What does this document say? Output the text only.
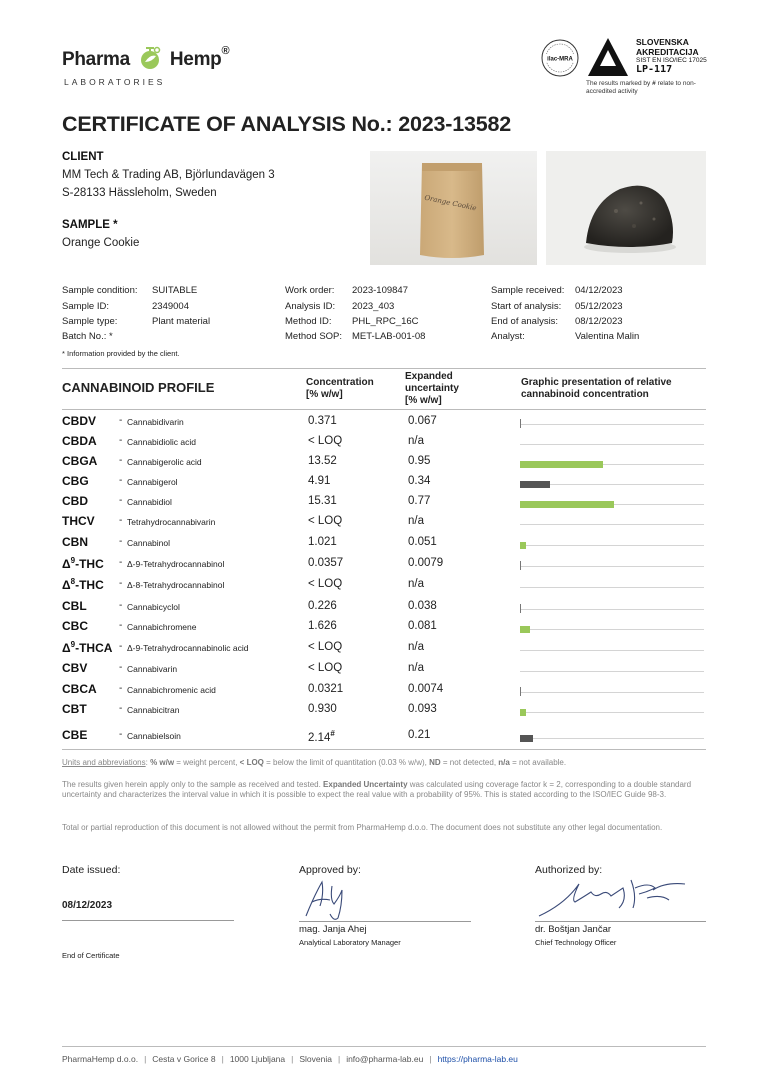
Pharma Hemp®
LABORATORIES
ilac-MRA
SLOVENSKA
AKREDITACIJA
SIST EN ISO/IEC 17025
LP-117
The results marked by # relate to non-accredited activity
CERTIFICATE OF ANALYSIS No.: 2023-13582
CLIENT
MM Tech & Trading AB, Björlundavägen 3
S-28133 Hässleholm, Sweden
SAMPLE *
Orange Cookie
Orange Cookie
Sample condition: SUITABLE
Sample ID:	2349004
Sample type:	Plant material
Batch No.: *
Work order: 2023-109847
Analysis ID: 2023_403
Method ID: PHL_RPC_16C
Method SOP: MET-LAB-001-08
Sample received: 04/12/2023
Start of analysis: 05/12/2023
End of analysis: 08/12/2023
Analyst:	Valentina Malin
* Information provided by the client.
CANNABINOID PROFILE	Concentration
[% w/w]
Expanded
uncertainty
[% w/w]
Graphic presentation of relative
cannabinoid concentration
CBDV - Cannabidivarin	0.371	0.067
CBDA - Cannabidiolic acid	< LOQ	n/a
CBGA - Cannabigerolic acid	13.52	0.95
CBG	- Cannabigerol	4.91	0.34
CBD	- Cannabidiol	15.31	0.77
THCV - Tetrahydrocannabivarin	< LOQ	n/a
CBN	- Cannabinol	1.021	0.051
$\Delta^9$-THC - Δ-9-Tetrahydrocannabinol	0.0357	0.0079
$\Delta^8$-THC - Δ-8-Tetrahydrocannabinol	< LOQ	n/a
CBL	- Cannabicyclol	0.226	0.038
CBC	- Cannabichromene	1.626	0.081
$\Delta^9$-THCA - Δ-9-Tetrahydrocannabinolic acid	< LOQ	n/a
CBV	- Cannabivarin	< LOQ	n/a
CBCA - Cannabichromenic acid	0.0321	0.0074
CBT	- Cannabicitran	0.930	0.093
CBE	- Cannabielsoin	2.14#	0.21
Units and abbreviations: % w/w = weight percent, < LOQ = below the limit of quantitation (0.03 % w/w), ND = not detected, n/a = not available.
The results given herein apply only to the sample as received and tested. Expanded Uncertainty was calculated using coverage factor k = 2, corresponding to a double standard uncertainty and characterizes the interval value in which it is possible to expect the real value with a probability of 95%. This is stated according to the ISO/IEC Guide 98-3.
Total or partial reproduction of this document is not allowed without the permit from PharmaHemp d.o.o. The document does not substitute any other legal documentation.
Date issued:
08/12/2023
Approved by:
mag. Janja Ahej
Analytical Laboratory Manager
Authorized by:
dr. Boštjan Jančar
Chief Technology Officer
End of Certificate
PharmaHemp d.o.o. | Cesta v Gorice 8 | 1000 Ljubljana | Slovenia | info@pharma-lab.eu | https://pharma-lab.eu
